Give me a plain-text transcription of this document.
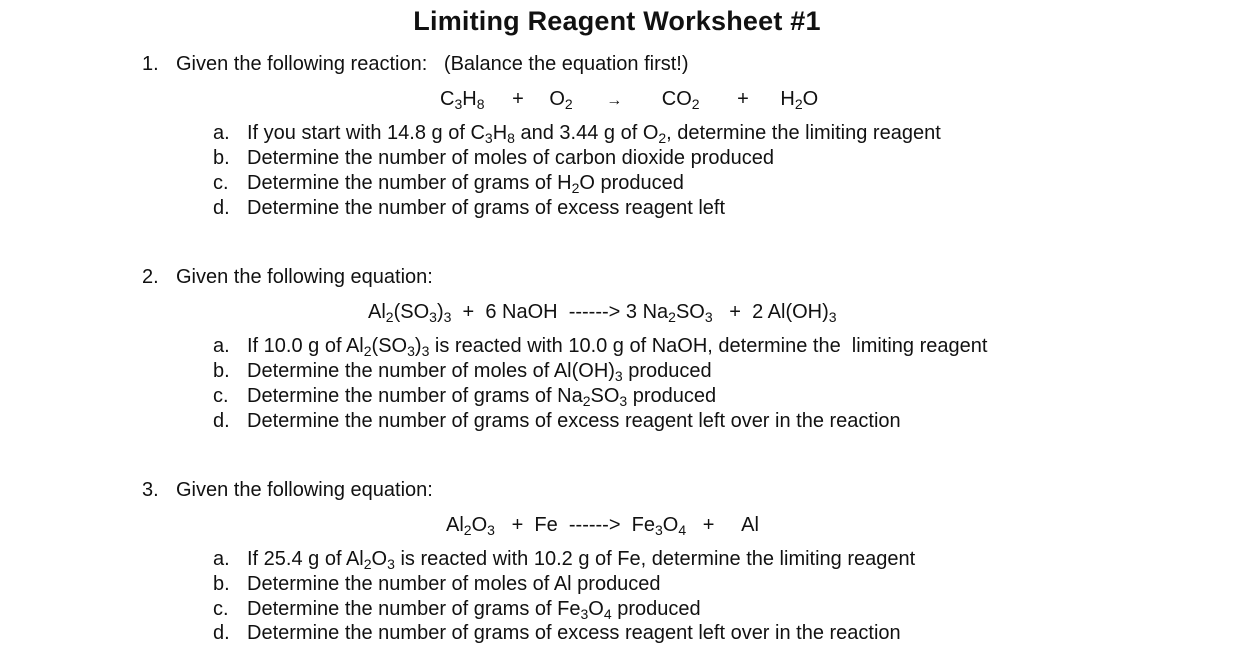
Limiting Reagent Worksheet #1
1. Given the following reaction:   (Balance the equation first!)
$C_3H_8 + O_2 \to CO_2 + H_2O$
a. If you start with 14.8 g of $C_3H_8$ and 3.44 g of $O_2$, determine the limiting reagent
b. Determine the number of moles of carbon dioxide produced
c. Determine the number of grams of $H_2O$ produced
d. Determine the number of grams of excess reagent left
2. Given the following equation:
$Al_2(SO_3)_3 + 6$ NaOH  ------> 3 $Na_2SO_3 + 2$ $Al(OH)_3$
a. If 10.0 g of $Al_2(SO_3)_3$ is reacted with 10.0 g of NaOH, determine the  limiting reagent
b. Determine the number of moles of $Al(OH)_3$ produced
c. Determine the number of grams of $Na_2SO_3$ produced
d. Determine the number of grams of excess reagent left over in the reaction
3. Given the following equation:
$Al_2O_3 + Fe$  ------>  $Fe_3O_4$   +     Al
a. If 25.4 g of $Al_2O_3$ is reacted with 10.2 g of Fe, determine the limiting reagent
b. Determine the number of moles of Al produced
c. Determine the number of grams of $Fe_3O_4$ produced
d. Determine the number of grams of excess reagent left over in the reaction
